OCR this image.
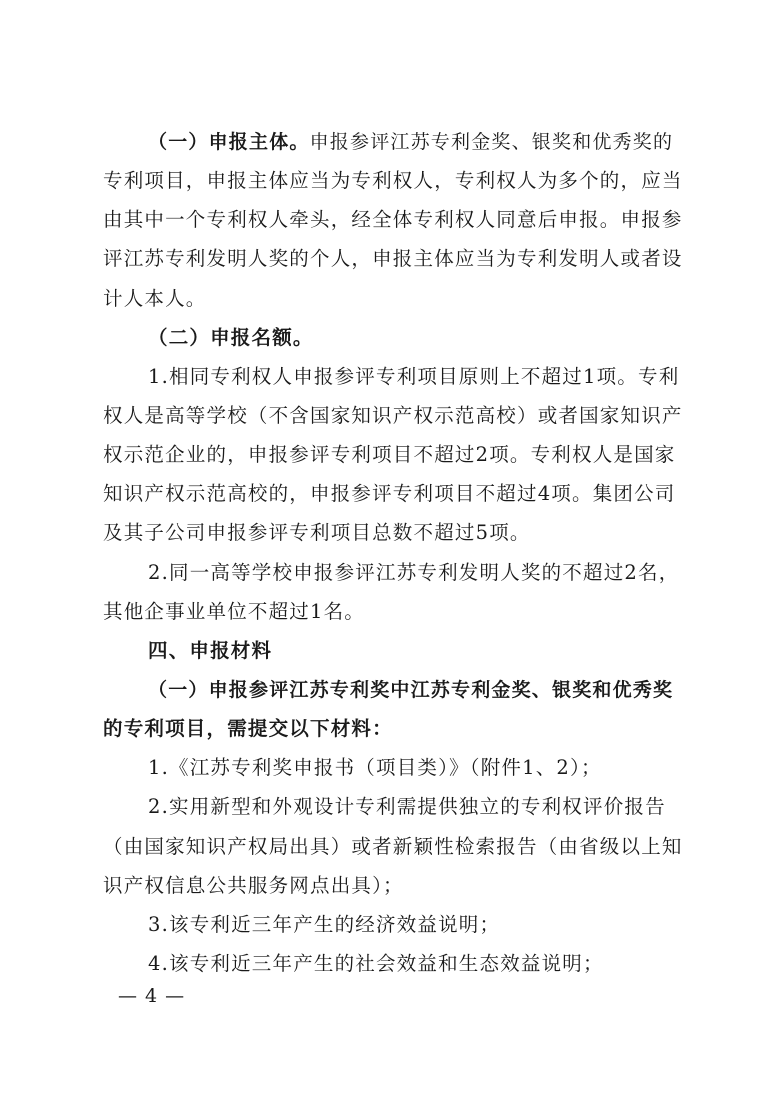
（一）申报主体。申报参评江苏专利金奖、银奖和优秀奖的
专利项目，申报主体应当为专利权人，专利权人为多个的，应当
由其中一个专利权人牵头，经全体专利权人同意后申报。申报参
评江苏专利发明人奖的个人，申报主体应当为专利发明人或者设
计人本人。
（二）申报名额。
1.相同专利权人申报参评专利项目原则上不超过1项。专利
权人是高等学校（不含国家知识产权示范高校）或者国家知识产
权示范企业的，申报参评专利项目不超过2项。专利权人是国家
知识产权示范高校的，申报参评专利项目不超过4项。集团公司
及其子公司申报参评专利项目总数不超过5项。
2.同一高等学校申报参评江苏专利发明人奖的不超过2名，
其他企事业单位不超过1名。
四、申报材料
（一）申报参评江苏专利奖中江苏专利金奖、银奖和优秀奖
的专利项目，需提交以下材料：
1.《江苏专利奖申报书（项目类）》（附件1、2）；
2.实用新型和外观设计专利需提供独立的专利权评价报告
（由国家知识产权局出具）或者新颖性检索报告（由省级以上知
识产权信息公共服务网点出具）；
3.该专利近三年产生的经济效益说明；
4.该专利近三年产生的社会效益和生态效益说明；
— 4 —
